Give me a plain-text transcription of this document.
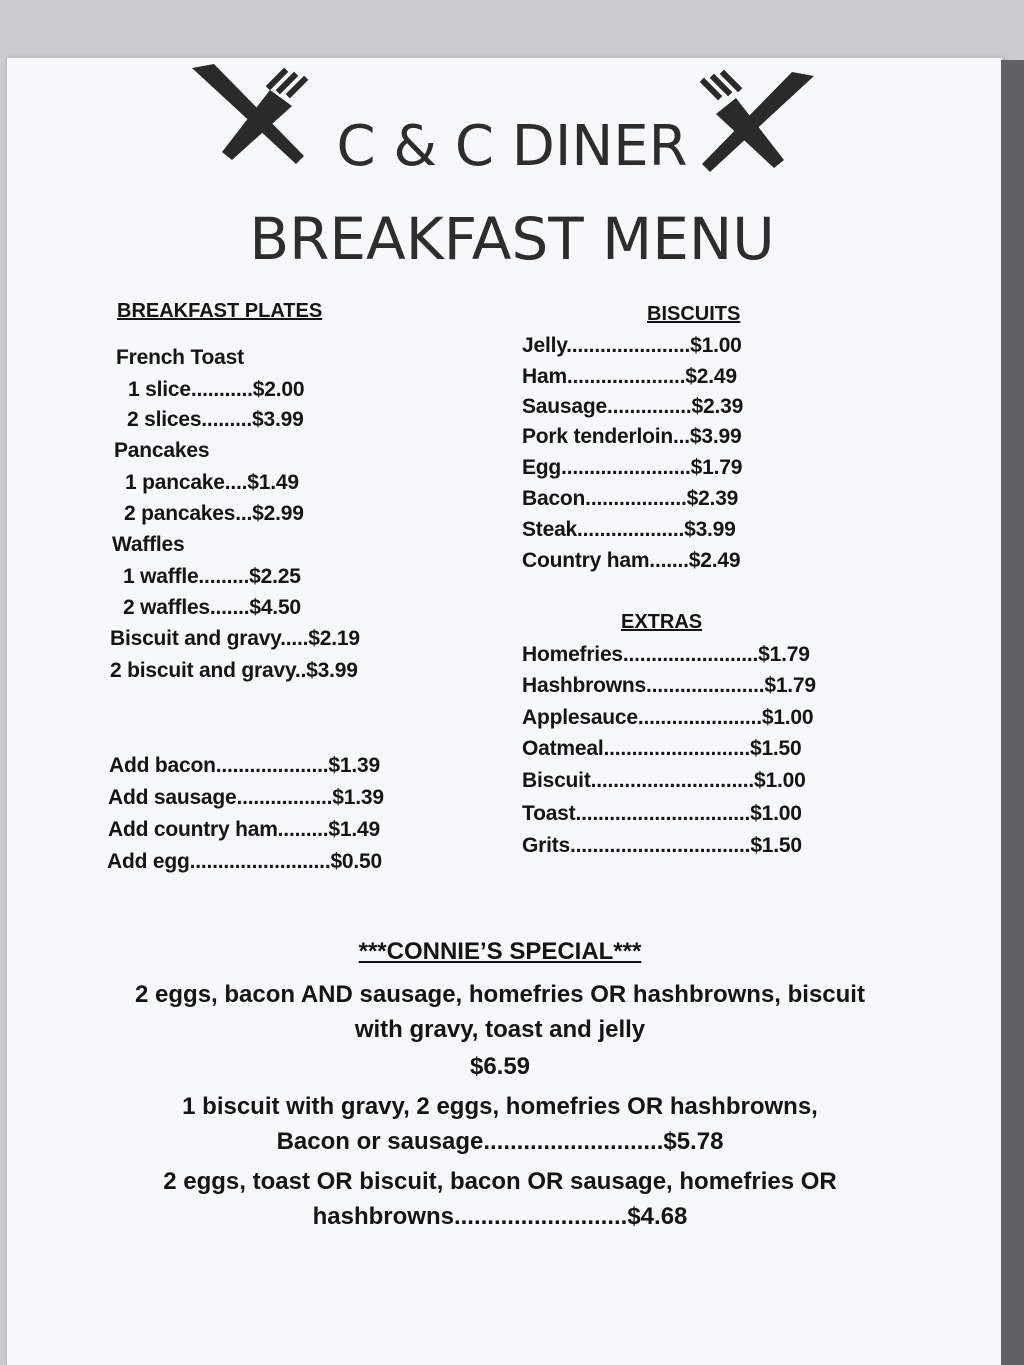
C & C DINER
BREAKFAST MENU
BREAKFAST PLATES
French Toast
1 slice...........$2.00
2 slices.........$3.99
Pancakes
1 pancake....$1.49
2 pancakes...$2.99
Waffles
1 waffle.........$2.25
2 waffles.......$4.50
Biscuit and gravy.....$2.19
2 biscuit and gravy..$3.99
Add bacon....................$1.39
Add sausage.................$1.39
Add country ham.........$1.49
Add egg.........................$0.50
BISCUITS
Jelly......................$1.00
Ham.....................$2.49
Sausage...............$2.39
Pork tenderloin...$3.99
Egg.......................$1.79
Bacon..................$2.39
Steak...................$3.99
Country ham.......$2.49
EXTRAS
Homefries........................$1.79
Hashbrowns.....................$1.79
Applesauce......................$1.00
Oatmeal..........................$1.50
Biscuit.............................$1.00
Toast...............................$1.00
Grits................................$1.50
***CONNIE’S SPECIAL***
2 eggs, bacon AND sausage, homefries OR hashbrowns, biscuit
with gravy, toast and jelly
$6.59
1 biscuit with gravy, 2 eggs, homefries OR hashbrowns,
Bacon or sausage...........................$5.78
2 eggs, toast OR biscuit, bacon OR sausage, homefries OR
hashbrowns..........................$4.68
